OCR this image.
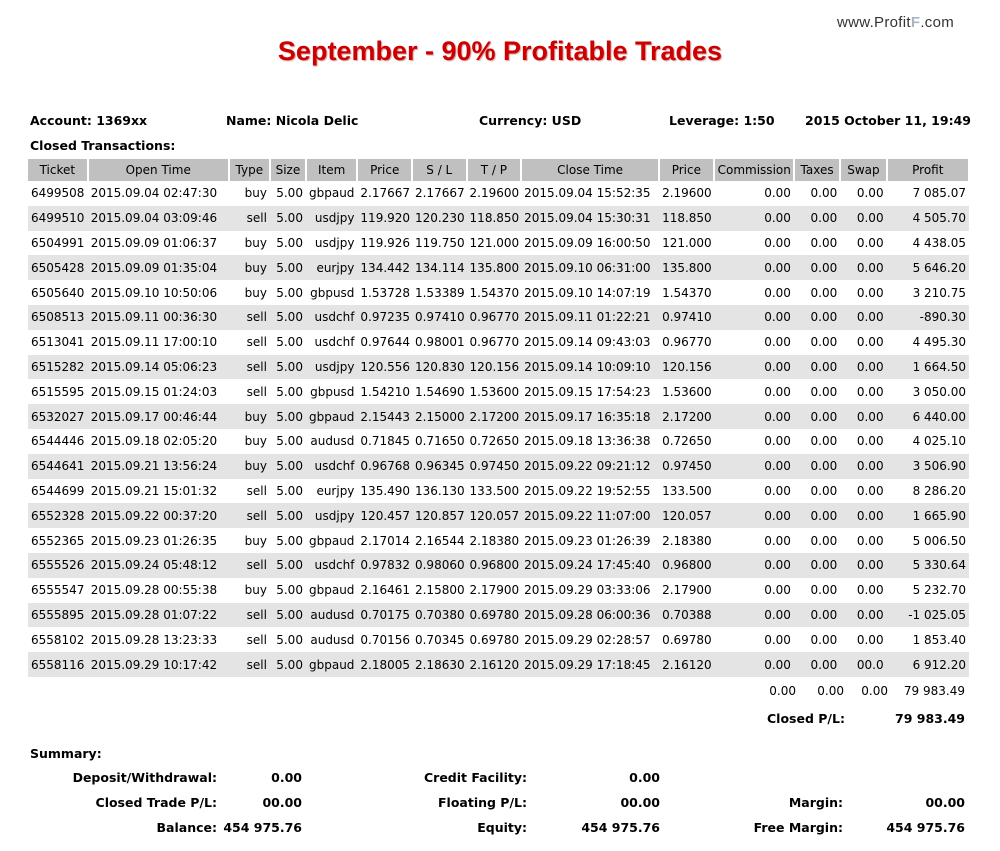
www.ProfitF.com
September - 90% Profitable Trades
Account: 1369xx	Name: Nicola Delic	Currency: USD	Leverage: 1:50 2015 October 11, 19:49
Closed Transactions:
Ticket	Open Time	Type	Size	Item	Price	S / L	T / P	Close Time	Price	Commission	Taxes	Swap	Profit
6499508	2015.09.04 02:47:30	buy	5.00	gbpaud	2.17667	2.17667	2.19600	2015.09.04 15:52:35	2.19600	0.00	0.00	0.00	7 085.07
6499510	2015.09.04 03:09:46	sell	5.00	usdjpy	119.920	120.230	118.850	2015.09.04 15:30:31	118.850	0.00	0.00	0.00	4 505.70
6504991	2015.09.09 01:06:37	buy	5.00	usdjpy	119.926	119.750	121.000	2015.09.09 16:00:50	121.000	0.00	0.00	0.00	4 438.05
6505428	2015.09.09 01:35:04	buy	5.00	eurjpy	134.442	134.114	135.800	2015.09.10 06:31:00	135.800	0.00	0.00	0.00	5 646.20
6505640	2015.09.10 10:50:06	buy	5.00	gbpusd	1.53728	1.53389	1.54370	2015.09.10 14:07:19	1.54370	0.00	0.00	0.00	3 210.75
6508513	2015.09.11 00:36:30	sell	5.00	usdchf	0.97235	0.97410	0.96770	2015.09.11 01:22:21	0.97410	0.00	0.00	0.00	-890.30
6513041	2015.09.11 17:00:10	sell	5.00	usdchf	0.97644	0.98001	0.96770	2015.09.14 09:43:03	0.96770	0.00	0.00	0.00	4 495.30
6515282	2015.09.14 05:06:23	sell	5.00	usdjpy	120.556	120.830	120.156	2015.09.14 10:09:10	120.156	0.00	0.00	0.00	1 664.50
6515595	2015.09.15 01:24:03	sell	5.00	gbpusd	1.54210	1.54690	1.53600	2015.09.15 17:54:23	1.53600	0.00	0.00	0.00	3 050.00
6532027	2015.09.17 00:46:44	buy	5.00	gbpaud	2.15443	2.15000	2.17200	2015.09.17 16:35:18	2.17200	0.00	0.00	0.00	6 440.00
6544446	2015.09.18 02:05:20	buy	5.00	audusd	0.71845	0.71650	0.72650	2015.09.18 13:36:38	0.72650	0.00	0.00	0.00	4 025.10
6544641	2015.09.21 13:56:24	buy	5.00	usdchf	0.96768	0.96345	0.97450	2015.09.22 09:21:12	0.97450	0.00	0.00	0.00	3 506.90
6544699	2015.09.21 15:01:32	sell	5.00	eurjpy	135.490	136.130	133.500	2015.09.22 19:52:55	133.500	0.00	0.00	0.00	8 286.20
6552328	2015.09.22 00:37:20	sell	5.00	usdjpy	120.457	120.857	120.057	2015.09.22 11:07:00	120.057	0.00	0.00	0.00	1 665.90
6552365	2015.09.23 01:26:35	buy	5.00	gbpaud	2.17014	2.16544	2.18380	2015.09.23 01:26:39	2.18380	0.00	0.00	0.00	5 006.50
6555526	2015.09.24 05:48:12	sell	5.00	usdchf	0.97832	0.98060	0.96800	2015.09.24 17:45:40	0.96800	0.00	0.00	0.00	5 330.64
6555547	2015.09.28 00:55:38	buy	5.00	gbpaud	2.16461	2.15800	2.17900	2015.09.29 03:33:06	2.17900	0.00	0.00	0.00	5 232.70
6555895	2015.09.28 01:07:22	sell	5.00	audusd	0.70175	0.70380	0.69780	2015.09.28 06:00:36	0.70388	0.00	0.00	0.00	-1 025.05
6558102	2015.09.28 13:23:33	sell	5.00	audusd	0.70156	0.70345	0.69780	2015.09.29 02:28:57	0.69780	0.00	0.00	0.00	1 853.40
6558116	2015.09.29 10:17:42	sell	5.00	gbpaud	2.18005	2.18630	2.16120	2015.09.29 17:18:45	2.16120	0.00	0.00	00.0	6 912.20
0.00	0.00	0.00	79 983.49
Closed P/L:	79 983.49
Summary:
Deposit/Withdrawal:	0.00	Credit Facility:	0.00
Closed Trade P/L:	00.00	Floating P/L:	00.00	Margin:	00.00
Balance: 454 975.76	Equity:	454 975.76	Free Margin:	454 975.76
